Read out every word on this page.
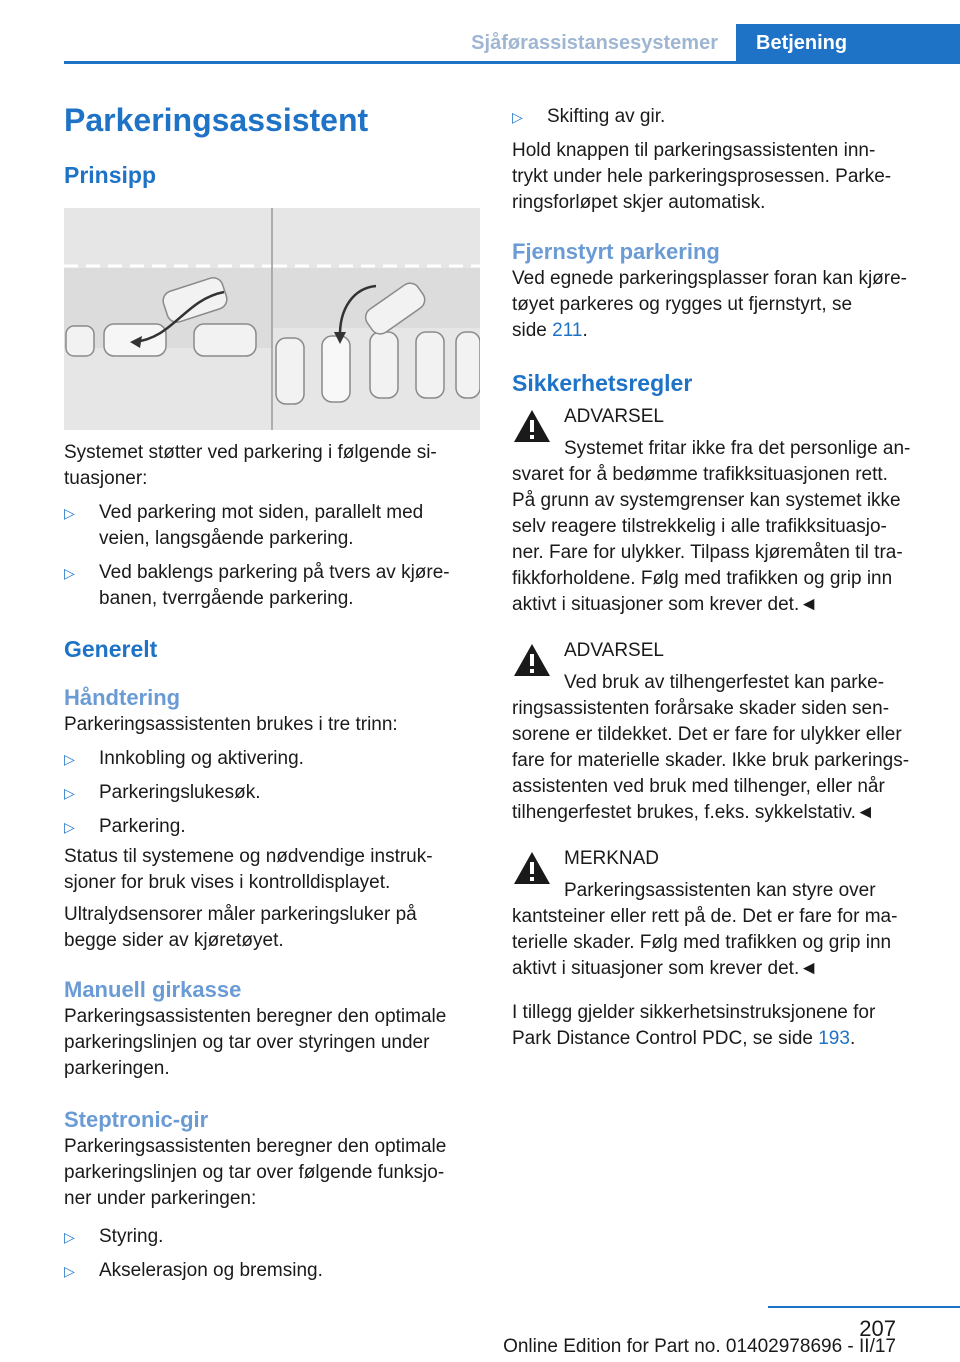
Sjåførassistansesystemer	Betjening
Parkeringsassistent
Prinsipp

Systemet støtter ved parkering i følgende si-
tuasjoner:

▷ Ved parkering mot siden, parallelt med
veien, langsgående parkering.
▷ Ved baklengs parkering på tvers av kjøre-
banen, tverrgående parkering.
Generelt
Håndtering

Parkeringsassistenten brukes i tre trinn:

▷ Innkobling og aktivering.
▷ Parkeringslukesøk.
▷ Parkering.

Status til systemene og nødvendige instruk-
sjoner for bruk vises i kontrolldisplayet.

Ultralydsensorer måler parkeringsluker på
begge sider av kjøretøyet.

Manuell girkasse

Parkeringsassistenten beregner den optimale
parkeringslinjen og tar over styringen under
parkeringen.

Steptronic-gir

Parkeringsassistenten beregner den optimale
parkeringslinjen og tar over følgende funksjo-
ner under parkeringen:

▷ Styring.
▷ Akselerasjon og bremsing.
▷ Skifting av gir.

Hold knappen til parkeringsassistenten inn-
trykt under hele parkeringsprosessen. Parke-
ringsforløpet skjer automatisk.

Fjernstyrt parkering

Ved egnede parkeringsplasser foran kan kjøre-
tøyet parkeres og rygges ut fjernstyrt, se
side 211.

Sikkerhetsregler
ADVARSEL
Systemet fritar ikke fra det personlige an-
svaret for å bedømme trafikksituasjonen rett.
På grunn av systemgrenser kan systemet ikke
selv reagere tilstrekkelig i alle trafikksituasjo-
ner. Fare for ulykker. Tilpass kjøremåten til tra-
fikkforholdene. Følg med trafikken og grip inn
aktivt i situasjoner som krever det.◄
ADVARSEL
Ved bruk av tilhengerfestet kan parke-
ringsassistenten forårsake skader siden sen-
sorene er tildekket. Det er fare for ulykker eller
fare for materielle skader. Ikke bruk parkerings-
assistenten ved bruk med tilhenger, eller når
tilhengerfestet brukes, f.eks. sykkelstativ.◄
MERKNAD
Parkeringsassistenten kan styre over
kantsteiner eller rett på de. Det er fare for ma-
terielle skader. Følg med trafikken og grip inn
aktivt i situasjoner som krever det.◄

I tillegg gjelder sikkerhetsinstruksjonene for
Park Distance Control PDC, se side 193.

207
Online Edition for Part no. 01402978696 - II/17
